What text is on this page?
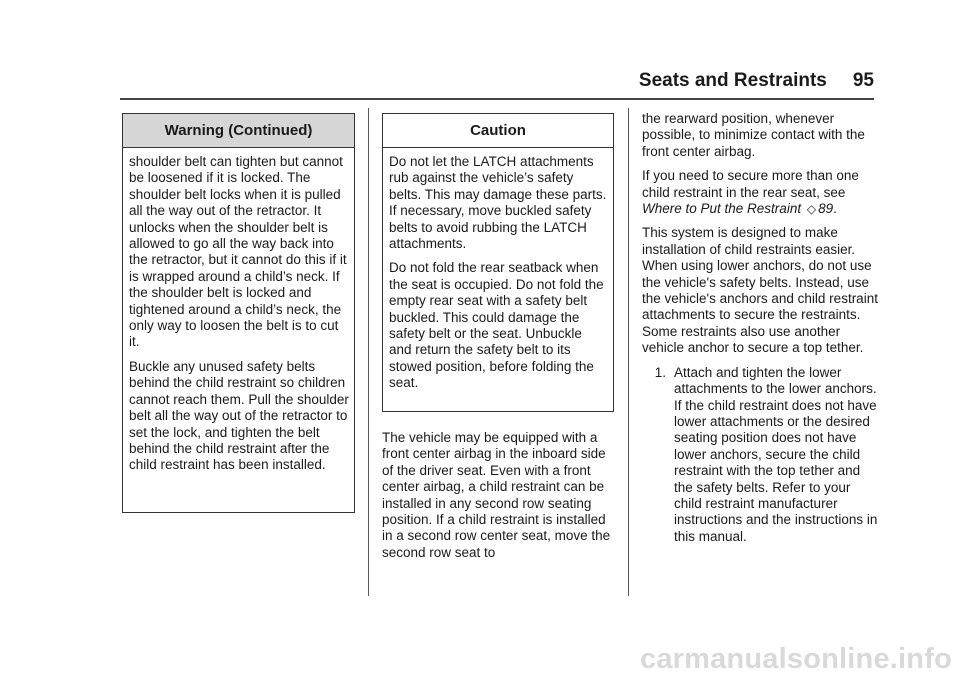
Seats and Restraints 95
Warning (Continued)

shoulder belt can tighten but cannot be loosened if it is locked. The shoulder belt locks when it is pulled all the way out of the retractor. It unlocks when the shoulder belt is allowed to go all the way back into the retractor, but it cannot do this if it is wrapped around a child’s neck. If the shoulder belt is locked and tightened around a child’s neck, the only way to loosen the belt is to cut it.

Buckle any unused safety belts behind the child restraint so children cannot reach them. Pull the shoulder belt all the way out of the retractor to set the lock, and tighten the belt behind the child restraint after the child restraint has been installed.

Caution

Do not let the LATCH attachments rub against the vehicle’s safety belts. This may damage these parts. If necessary, move buckled safety belts to avoid rubbing the LATCH attachments.

Do not fold the rear seatback when the seat is occupied. Do not fold the empty rear seat with a safety belt buckled. This could damage the safety belt or the seat. Unbuckle and return the safety belt to its stowed position, before folding the seat.

The vehicle may be equipped with a front center airbag in the inboard side of the driver seat. Even with a front center airbag, a child restraint can be installed in any second row seating position. If a child restraint is installed in a second row center seat, move the second row seat to

the rearward position, whenever possible, to minimize contact with the front center airbag.

If you need to secure more than one child restraint in the rear seat, see Where to Put the Restraint ◇ 89.

This system is designed to make installation of child restraints easier. When using lower anchors, do not use the vehicle's safety belts. Instead, use the vehicle's anchors and child restraint attachments to secure the restraints. Some restraints also use another vehicle anchor to secure a top tether.

1. Attach and tighten the lower attachments to the lower anchors. If the child restraint does not have lower attachments or the desired seating position does not have lower anchors, secure the child restraint with the top tether and the safety belts. Refer to your child restraint manufacturer instructions and the instructions in this manual.
carmanualsonline.info
